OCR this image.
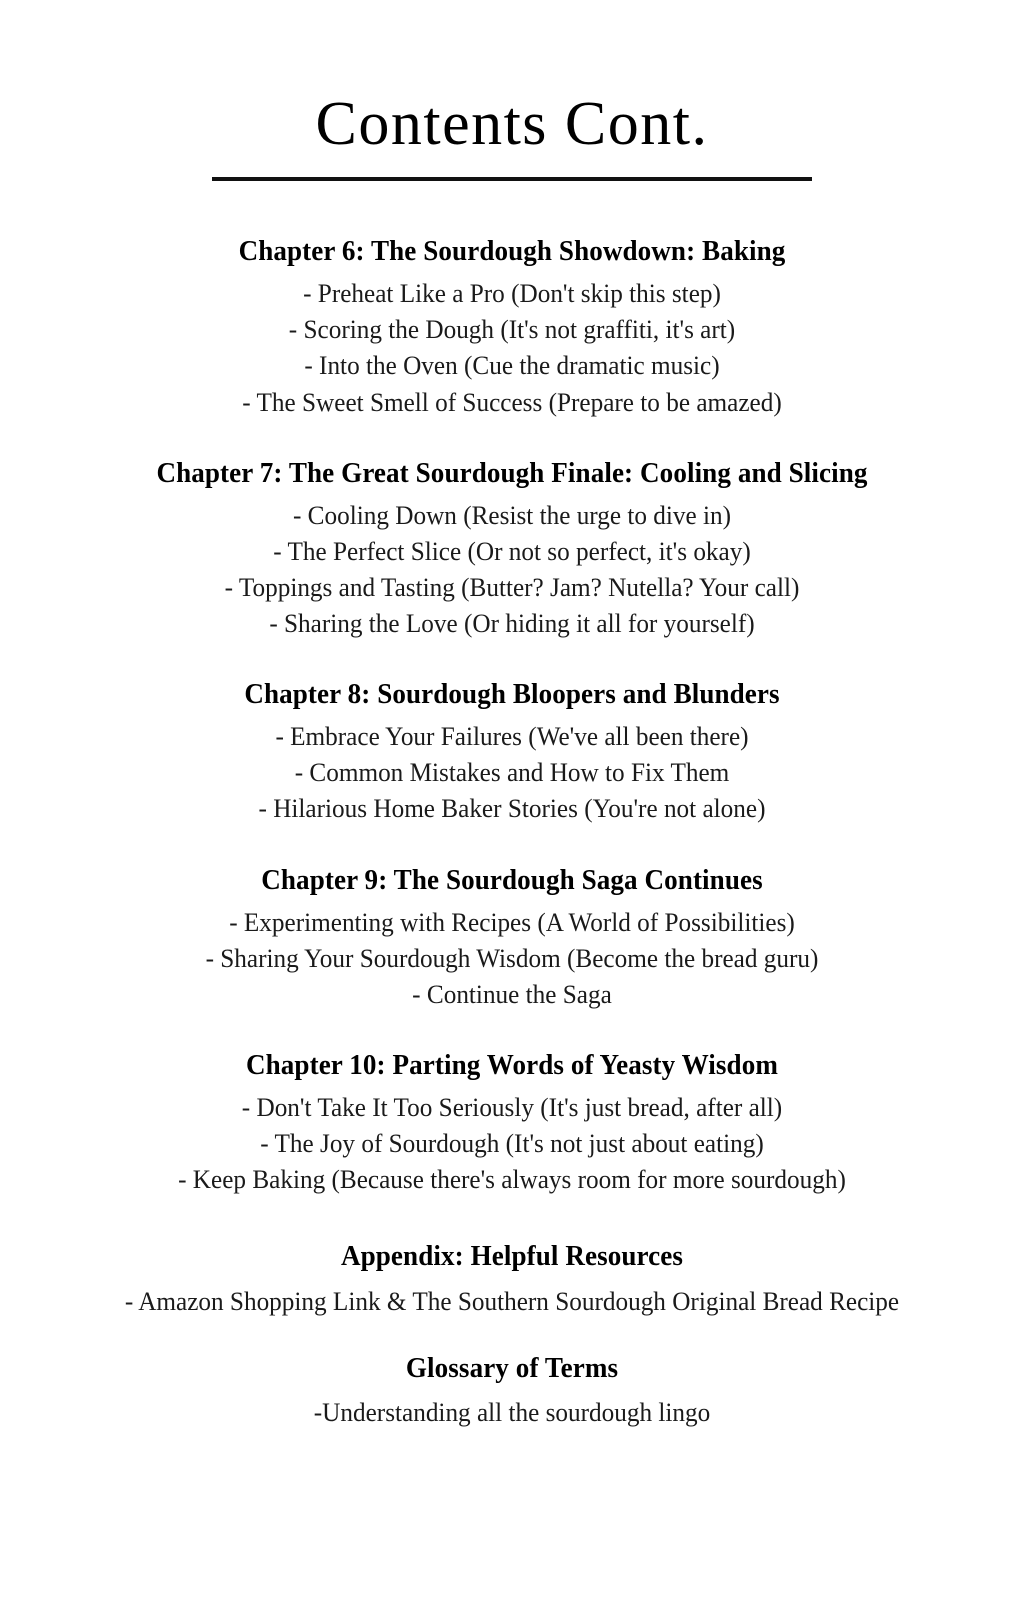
Contents Cont.
Chapter 6: The Sourdough Showdown: Baking
- Preheat Like a Pro (Don't skip this step)
- Scoring the Dough (It's not graffiti, it's art)
- Into the Oven (Cue the dramatic music)
- The Sweet Smell of Success (Prepare to be amazed)
Chapter 7: The Great Sourdough Finale: Cooling and Slicing
- Cooling Down (Resist the urge to dive in)
- The Perfect Slice (Or not so perfect, it's okay)
- Toppings and Tasting (Butter? Jam? Nutella? Your call)
- Sharing the Love (Or hiding it all for yourself)
Chapter 8: Sourdough Bloopers and Blunders
- Embrace Your Failures (We've all been there)
- Common Mistakes and How to Fix Them
- Hilarious Home Baker Stories (You're not alone)
Chapter 9: The Sourdough Saga Continues
- Experimenting with Recipes (A World of Possibilities)
- Sharing Your Sourdough Wisdom (Become the bread guru)
- Continue the Saga
Chapter 10: Parting Words of Yeasty Wisdom
- Don't Take It Too Seriously (It's just bread, after all)
- The Joy of Sourdough (It's not just about eating)
- Keep Baking (Because there's always room for more sourdough)
Appendix: Helpful Resources
- Amazon Shopping Link & The Southern Sourdough Original Bread Recipe
Glossary of Terms
-Understanding all the sourdough lingo
